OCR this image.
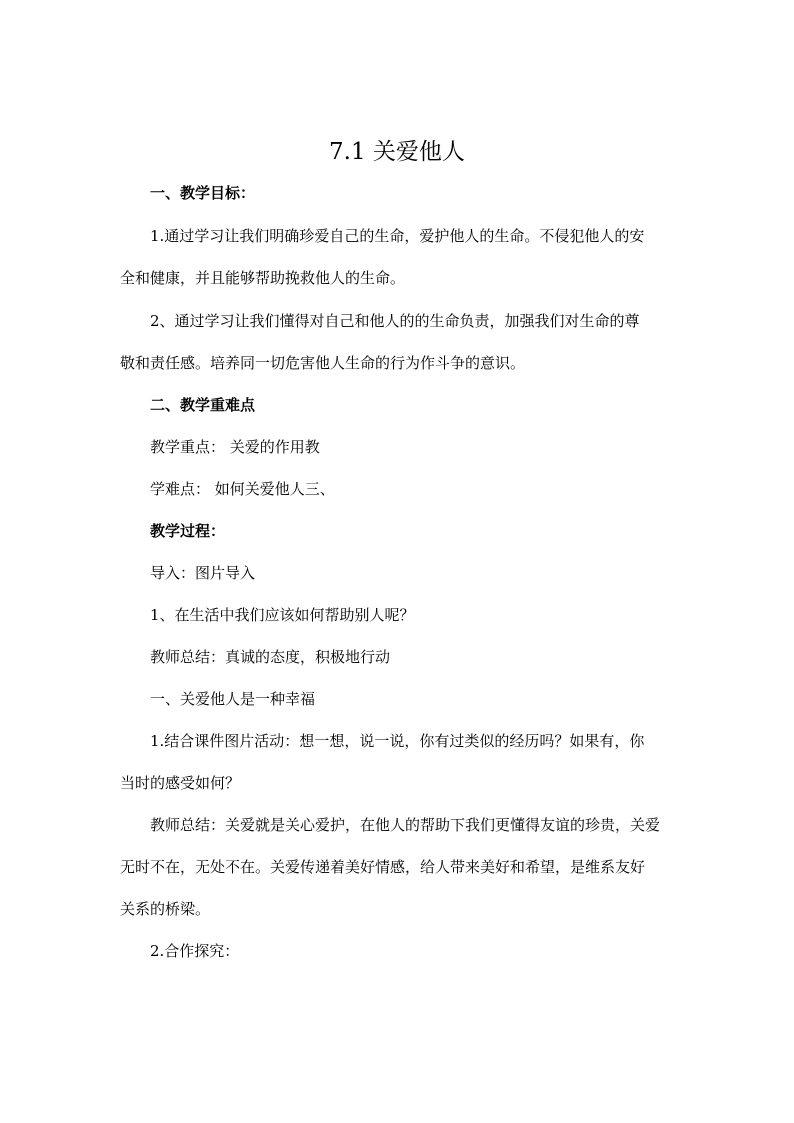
7.1 关爱他人

一、教学目标：

1.通过学习让我们明确珍爱自己的生命，爱护他人的生命。不侵犯他人的安

全和健康，并且能够帮助挽救他人的生命。

2、通过学习让我们懂得对自己和他人的的生命负责，加强我们对生命的尊

敬和责任感。培养同一切危害他人生命的行为作斗争的意识。

二、教学重难点

教学重点： 关爱的作用教

学难点： 如何关爱他人三、

教学过程：

导入：图片导入

1、在生活中我们应该如何帮助别人呢？

教师总结：真诚的态度，积极地行动

一、关爱他人是一种幸福

1.结合课件图片活动：想一想，说一说，你有过类似的经历吗？如果有，你

当时的感受如何？

教师总结：关爱就是关心爱护，在他人的帮助下我们更懂得友谊的珍贵，关爱

无时不在，无处不在。关爱传递着美好情感，给人带来美好和希望，是维系友好

关系的桥梁。

2.合作探究：
